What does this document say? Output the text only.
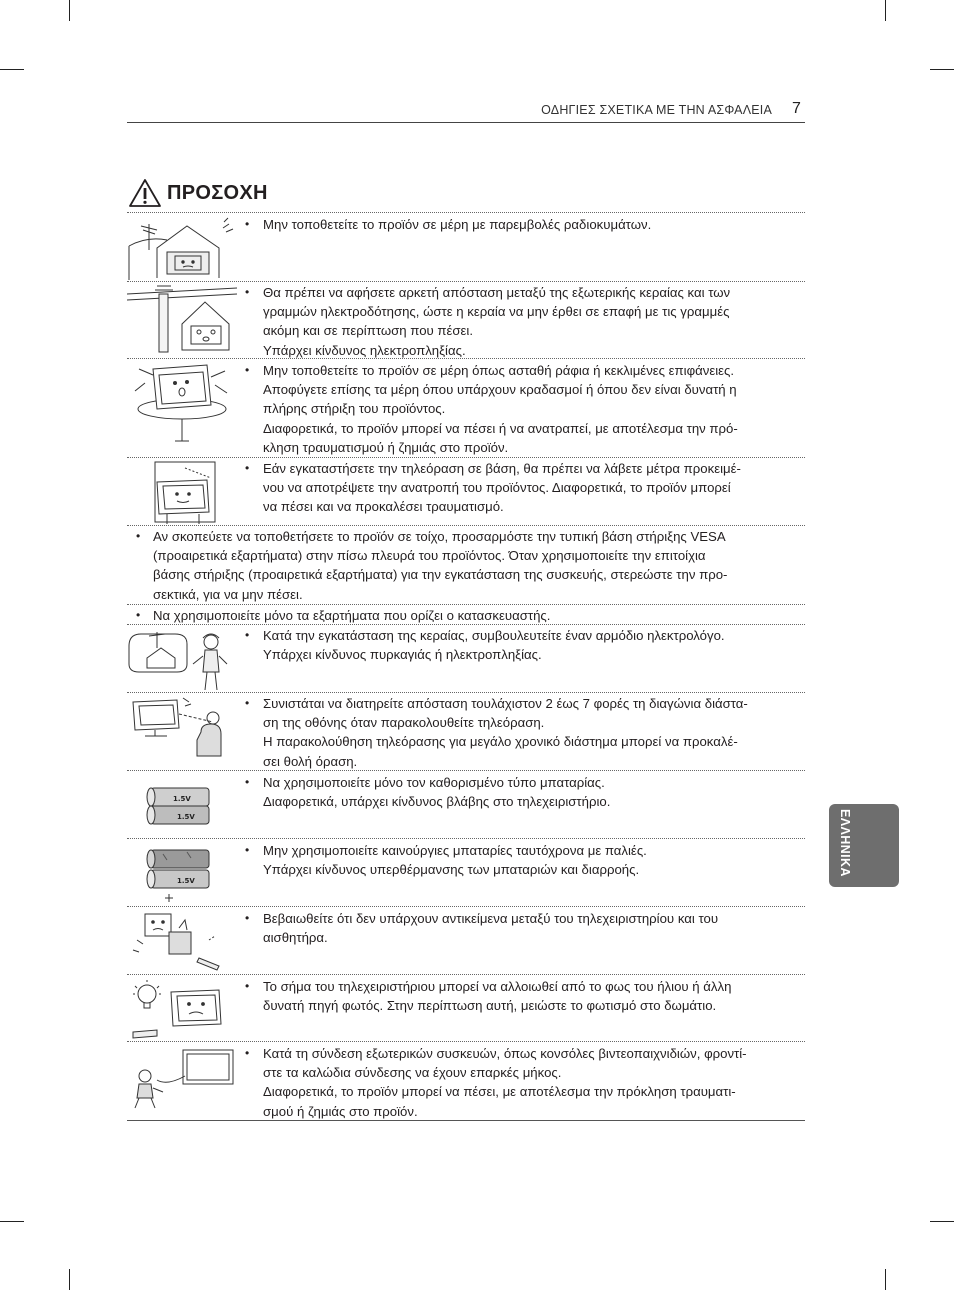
ΟΔΗΓΙΕΣ ΣΧΕΤΙΚΑ ΜΕ ΤΗΝ ΑΣΦΑΛΕΙΑ 7
ΠΡΟΣΟΧΗ
• Μην τοποθετείτε το προϊόν σε μέρη με παρεμβολές ραδιοκυμάτων.

• Θα πρέπει να αφήσετε αρκετή απόσταση μεταξύ της εξωτερικής κεραίας και των

γραμμών ηλεκτροδότησης, ώστε η κεραία να μην έρθει σε επαφή με τις γραμμές

ακόμη και σε περίπτωση που πέσει.

Υπάρχει κίνδυνος ηλεκτροπληξίας.

• Μην τοποθετείτε το προϊόν σε μέρη όπως ασταθή ράφια ή κεκλιμένες επιφάνειες.

Αποφύγετε επίσης τα μέρη όπου υπάρχουν κραδασμοί ή όπου δεν είναι δυνατή η

πλήρης στήριξη του προϊόντος.

Διαφορετικά, το προϊόν μπορεί να πέσει ή να ανατραπεί, με αποτέλεσμα την πρό-

κληση τραυματισμού ή ζημιάς στο προϊόν.

• Εάν εγκαταστήσετε την τηλεόραση σε βάση, θα πρέπει να λάβετε μέτρα προκειμέ-

νου να αποτρέψετε την ανατροπή του προϊόντος. Διαφορετικά, το προϊόν μπορεί

να πέσει και να προκαλέσει τραυματισμό.

• Αν σκοπεύετε να τοποθετήσετε το προϊόν σε τοίχο, προσαρμόστε την τυπική βάση στήριξης VESA

(προαιρετικά εξαρτήματα) στην πίσω πλευρά του προϊόντος. Όταν χρησιμοποιείτε την επιτοίχια

βάσης στήριξης (προαιρετικά εξαρτήματα) για την εγκατάσταση της συσκευής, στερεώστε την προ-

σεκτικά, για να μην πέσει.

• Να χρησιμοποιείτε μόνο τα εξαρτήματα που ορίζει ο κατασκευαστής.

• Κατά την εγκατάσταση της κεραίας, συμβουλευτείτε έναν αρμόδιο ηλεκτρολόγο.

Υπάρχει κίνδυνος πυρκαγιάς ή ηλεκτροπληξίας.

• Συνιστάται να διατηρείτε απόσταση τουλάχιστον 2 έως 7 φορές τη διαγώνια διάστα-

ση της οθόνης όταν παρακολουθείτε τηλεόραση.

Η παρακολούθηση τηλεόρασης για μεγάλο χρονικό διάστημα μπορεί να προκαλέ-

σει θολή όραση.

1.5V
1.5V
• Να χρησιμοποιείτε μόνο τον καθορισμένο τύπο μπαταρίας.

Διαφορετικά, υπάρχει κίνδυνος βλάβης στο τηλεχειριστήριο.

1.5V
• Μην χρησιμοποιείτε καινούργιες μπαταρίες ταυτόχρονα με παλιές.

Υπάρχει κίνδυνος υπερθέρμανσης των μπαταριών και διαρροής.

• Βεβαιωθείτε ότι δεν υπάρχουν αντικείμενα μεταξύ του τηλεχειριστηρίου και του

αισθητήρα.

• Το σήμα του τηλεχειριστήριου μπορεί να αλλοιωθεί από το φως του ήλιου ή άλλη

δυνατή πηγή φωτός. Στην περίπτωση αυτή, μειώστε το φωτισμό στο δωμάτιο.

• Κατά τη σύνδεση εξωτερικών συσκευών, όπως κονσόλες βιντεοπαιχνιδιών, φροντί-

στε τα καλώδια σύνδεσης να έχουν επαρκές μήκος.

Διαφορετικά, το προϊόν μπορεί να πέσει, με αποτέλεσμα την πρόκληση τραυματι-

σμού ή ζημιάς στο προϊόν.

ΕΛΛΗΝΙΚΑ
